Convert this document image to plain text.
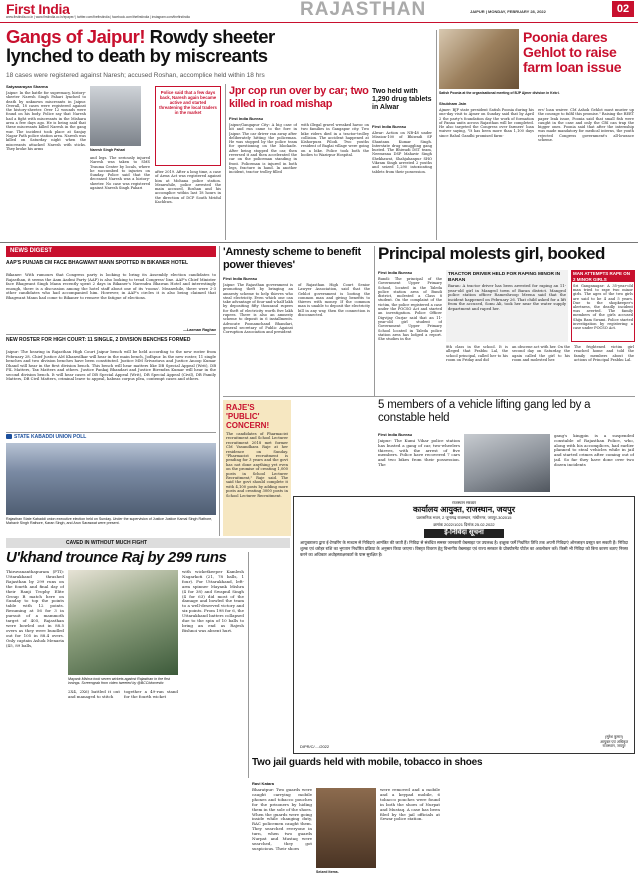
First India
www.firstindia.co.in | www.firstindia.co.in/epaper/ | twitter.com/thefirstindia | facebook.com/thefirstindia | instagram.com/thefirstindia	RAJASTHAN	JAIPUR | MONDAY, FEBRUARY 28, 2022	02
Gangs of Jaipur! Rowdy sheeter
lynched to death by miscreants
18 cases were registered against Naresh; accused Roshan, accomplice held within 18 hrs
Satyanarayan Sharma
Jaipur: In the battle for supremacy, history-sheeter Naresh Singh Pahari lynched to death by unknown miscreants in Jaipur. Overall, 18 cases were registered against the history-sheeter. Over 12 wounds were found on his body. Police say that Naresh had a fight with miscreants in the Mishara area a few days ago. He is being said that these miscreants killed Naresh in the gang war. The incident took place at Sanjay Nagar Path police station area. Naresh was killed on Saturday night when the miscreants attacked Naresh with sticks. They broke his arms	Naresh Singh Pahari
and legs. The seriously injured Naresh was taken to SMS Trauma Center by locals, where he succumbed to injuries on Sunday. Police said that the deceased Naresh was a history-sheeter. No case was registered against Naresh Singh Pahari
Police said that a few days back, Naresh again became active and started threatening the local traders in the market
after 2019. After a long time, a case of Arms Act was registered against him at Mohana police station. Meanwhile, police arrested the main accused, Roshan and his accomplice within last 18 hours in the direction of DCP South Mridul Kachhwa.
Jpr cop run over by car; two killed in road mishap
First India Bureau
Jaipur/Gangapur City: A big case of hit and run came to the fore in Jaipur. The car driver ran away after deliberately hitting the policeman. He was stopped by the police team for questioning on the blockade. After being stopped the car, then reversed it and then accelerated the car on the policeman standing in front. Policeman is injured in both legs, fracture in hand. In another incident, tractor trolley filled
with illegal gravel wreaked havoc on two families in Gangapur city. Two bike riders died in a tractor-trolley collision. The accident happened at Kishorpura Pilodi. Two youths resident of Baglai village were going on a bike. Police took both the bodies to Wazirpur Hospital.
Two held with 1,290 drug tablets in Alwar
First India Bureau
Alwar: Action on NB-48 under Mission-100 of Bhiwadi SP Shantanu Kumar Singh. Interstate drug smuggling gang busted. The Bhiwadi DST team, Neemrana DSP Mahavir Singh Shekhawat, Shahjahanpur SHO Vikram Singh arrested 2 youths and seized 1,290 intoxicating tablets from their possession.
Poonia dares Gehlot to raise farm loan issue
Satish Poonia at the organisational meeting of BJP Ajmer division in Kekri.
Shubham Jain
Ajmer: BJP state president Satish Poonia during his one-day visit to Ajmer on Sunday said that by April 2 the party's foundation day the work of formation of Panna units across Rajasthan will be completed. He also targeted the Congress over farmers' loan waiver saying, "It has been more than 1,100 days since Rahul Gandhi promised farm-
ers' loan waiver. CM Ashok Gehlot must muster up the courage to fulfil this promise." Raising the REET paper leak issue, Poonia said that small fish were caught in the case and only the CBI can trap the bigger ones. Poonia said that after the internship was made mandatory for medical interns, the youth rejected Congress government's all-lowance scheme.
NEWS DIGEST
AAP'S PUNJAB CM FACE BHAGWANT MANN SPOTTED IN BIKANER HOTEL
Bikaner: With rumours that Congress party is looking to bring its Assembly election candidates to Rajasthan, it seems the Aam Aadmi Party (AAP) is also looking to tread Congress' line. AAP's Chief Minister face Bhagwant Singh Mann recently spent 2 days in Bikaner's Narendra Bhawan Hotel and interestingly enough, there is a discussion among the hotel staff about one of its 'rooms'. Meanwhile, there were 2-3 other candidates who had accompanied him. However, in AAP's circles it is also being claimed that Bhagwant Mann had come to Bikaner to remove the fatigue of elections.
—Laxman Raghav
NEW ROSTER FOR HIGH COURT: 11 SINGLE, 2 DIVISION BENCHES FORMED
Jaipur: The hearing in Rajasthan High Court Jaipur bench will be held according to the new roster from February 28. Chief Justice AM Khanwilkar will hear in the main bench, Jodhpur. In the new roster, 11 single benches and two division benches have been constituted. Justice MM Srivastava and Justice Anoop Kumar Dhand will hear in the first division bench. This bench will hear matters like DB Special Appeal (Writ), DB PIL Matters, Tax Matters and others. Justice Pankaj Bhandari and Justice Birendra Kumar will hear in the second division bench. It will hear cases of DB Special Appeal (Writ), DB Special Appeal (Civil), DB Family Matters, DB Civil Matters, criminal leave to appeal, habeas corpus plea, contempt cases and others.
STATE KABADDI UNION POLL
Rajasthan State Kabaddi union executive election held on Sunday. Under the supervision of Justice Justice Kamal Singh Rathore, Mahavir Singh Rathore, Karan Singh, and Arun Saraswat were present.
'Amnesty scheme to benefit power thieves'
First India Bureau
Jaipur: The Rajasthan government is promoting theft by bringing an amnesty scheme to help thieves who steal electricity. Even which one can take advantage of four-and-a-half lakh by depositing fifty thousand rupees for theft of electricity worth five lakh rupees. There is also an amnesty scheme to deposit in 6 installments. Advocate Poonamchand Bhandari, general secretary of Public Against Corruption Association and president
of Rajasthan High Court Senior Lawyer Association, said that the Gehlot government is looting the common man and giving benefits to thieves with money. If the common man is unable to deposit the electricity bill in any way, then the connection is disconnected.
Principal molests girl, booked
First India Bureau
Bundi: The principal of the Government Upper Primary School, located in the Taleda police station area of Bundi district, molested a Class 8 student. On the complaint of the victim, the police registered a case under the POCSO Act and started an investigation. Police Officer Digvijay Gurjar said that an 11-year-old girl student of Government Upper Primary School located in Taleda police station area has lodged a report. She studies in the
8th class in the school. It is alleged that Prabhu Lal, the school principal, called her to his room on Friday and did
an obscene act with her. On the second day on Saturday, the again called the girl to his room and molested her.
The frightened victim girl reached home and told the family members about the actions of Principal Prabhu Lal.
TRACTOR DRIVER HELD FOR RAPING MINOR IN BARAN
Baran: A tractor driver has been arrested for raping an 11-year-old girl in Mangrol town of Baran district. Mangrol police station officer Rameshroop Meena said that the incident happened on February 26. That child asked for a lift from the accused, Sonu Ali, took her near the water supply department and raped her.
MAN ATTEMPTS RAPE ON 2 MINOR GIRLS
Sri Ganganagar: A 35-year-old man tried to rape two minor girls. The ages of the two girls are said to be 4 and 5 years. Due to the shopkeeper's alertness, the deadly incident was averted. The family members of the girls accused Shiju Ram Swami. Police started investigation by registering a case under POCSO Act.
5 members of a vehicle lifting gang led by a constable held
First India Bureau
Jaipur: The Kumi Vihar police station has busted a gang of car, two-wheelers thieves, with the arrest of five members. Police have recovered 7 cars and two bikes from their possession. The
gang's kingpin is a suspended constable of Rajasthan Police, who, along with his accomplices, had earlier planned to steal vehicles while in jail and started crimes after coming out of jail. So far they have done over two dozen incidents
RAJE'S 'PUBLIC' CONCERN!
The candidates of Pharmacist recruitment and School Lecturer recruitment 2018 met former CM Vasundhara Raje at her residence on Sunday. "Pharmacist recruitment is pending for 3 years and the govt has not done anything yet even on the promise of creating 1,000 posts in School Lecturer Recruitment," Raje said. The said the govt should complete it with 4,100 posts by adding more posts and creating 3000 posts in School Lecturer Recruitment.
राजस्थान सरकार
कार्यालय आयुक्त, राजस्थान, जयपुर
प्रशासनिक भवन, 2 जूनागढ़ राजस्थान, गांधीनगर, जयपुर-302015
क्रमांक 2022/1021 दिनांक 25.02.2022
ई-निविदा सूचना
आयुक्तालय द्वारा ई-टेण्डरिंग के माध्यम से निविदाएं आमंत्रित की जाती हैं। निविदा से संबंधित समस्त जानकारी वेबसाइट पर उपलब्ध है। इच्छुक फर्में निर्धारित तिथि तक अपनी निविदाएं ऑनलाइन प्रस्तुत कर सकती हैं। निविदा शुल्क एवं धरोहर राशि का भुगतान निर्धारित प्रक्रिया के अनुसार किया जाएगा। विस्तृत विवरण हेतु विभागीय वेबसाइट एवं राज्य सरकार के प्रोक्योरमेंट पोर्टल का अवलोकन करें। किसी भी निविदा को बिना कारण बताए निरस्त करने का अधिकार अधोहस्ताक्षरकर्ता के पास सुरक्षित है।
DIPR/C/..../2022
(सुरेश कुमार)
आयुक्त एवं अधिकृत
राजस्थान, जयपुर
CAVED IN WITHOUT MUCH FIGHT
U'khand trounce Raj by 299 runs
Thiruvananthapuram (PTI): Uttarakhand thrashed Rajasthan by 299 runs on the fourth and final day of their Ranji Trophy Elite Group B match here on Sunday to top the points table with 12 points. Resuming at 56 for 3 in pursuit of a mammoth target of 405, Rajasthan were bowled out in 88.5 overs as they were bundled out for 105 in 88.4 overs. Only captain Ashok Menaria (45, 89 balls,
Mayank Mishra took seven wickets against Rajasthan in the first innings. Screengrab from video tweeted by @BCCIdomestic
2X4, 2X6) battled it out and managed to stitch
together a 49-run stand for the fourth wicket
with wicketkeeper Kamlesh Nagarkoti (21, 78 balls, 1 four). For Uttarakhand, left-arm spinner Mayank Mishra (4 for 38) and Swapnil Singh (4 for 63) did most of the damage and bowled the team to a well-deserved victory and six points. From 198 for 6, the Uttarakhand batters collapsed due to the spin of 10 balls to bring an end as Rajesh Bishnoi was absent hurt.
Two jail guards held with mobile, tobacco in shoes
Ravi Katara
Bharatpur: Two guards were caught carrying mobile phones and tobacco pouches for the prisoners by hiding them in the sole of the shoes. When the guards were going inside while changing duty, RAC policemen caught them. They searched everyone in turn, when two guards Nurpat and Mustaq were searched, they got suspicious. Their shoes
Seized items.
were removed and a mobile and a keypad mobile, 6 tobacco pouches were found in both the shoes of Nurpat and Mustaq. A case has been filed by the jail officials at Sewar police station.
